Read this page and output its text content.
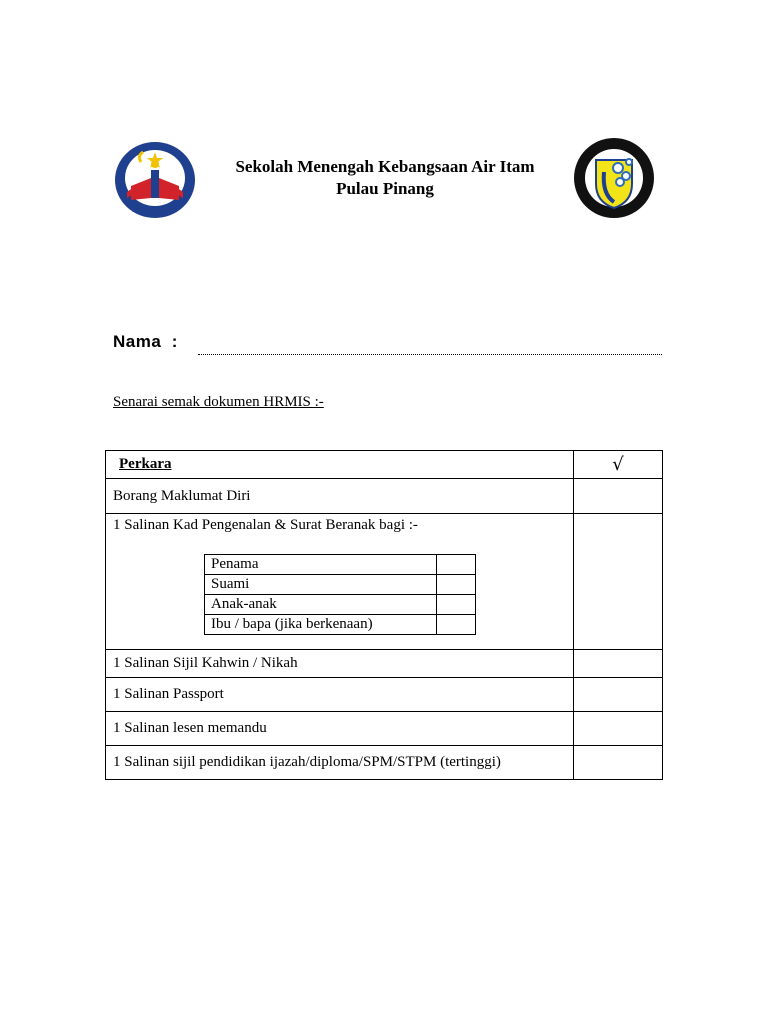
Sekolah Menengah Kebangsaan Air Itam
Pulau Pinang
Nama  :
Senarai semak dokumen HRMIS :-
Perkara	√
Borang Maklumat Diri	

1 Salinan Kad Pengenalan & Surat Beranak bagi :-
Penama	
Suami	
Anak-anak	
Ibu / bapa (jika berkenaan)	

1 Salinan Sijil Kahwin / Nikah	
1 Salinan Passport	
1 Salinan lesen memandu	
1 Salinan sijil pendidikan ijazah/diploma/SPM/STPM (tertinggi)	
